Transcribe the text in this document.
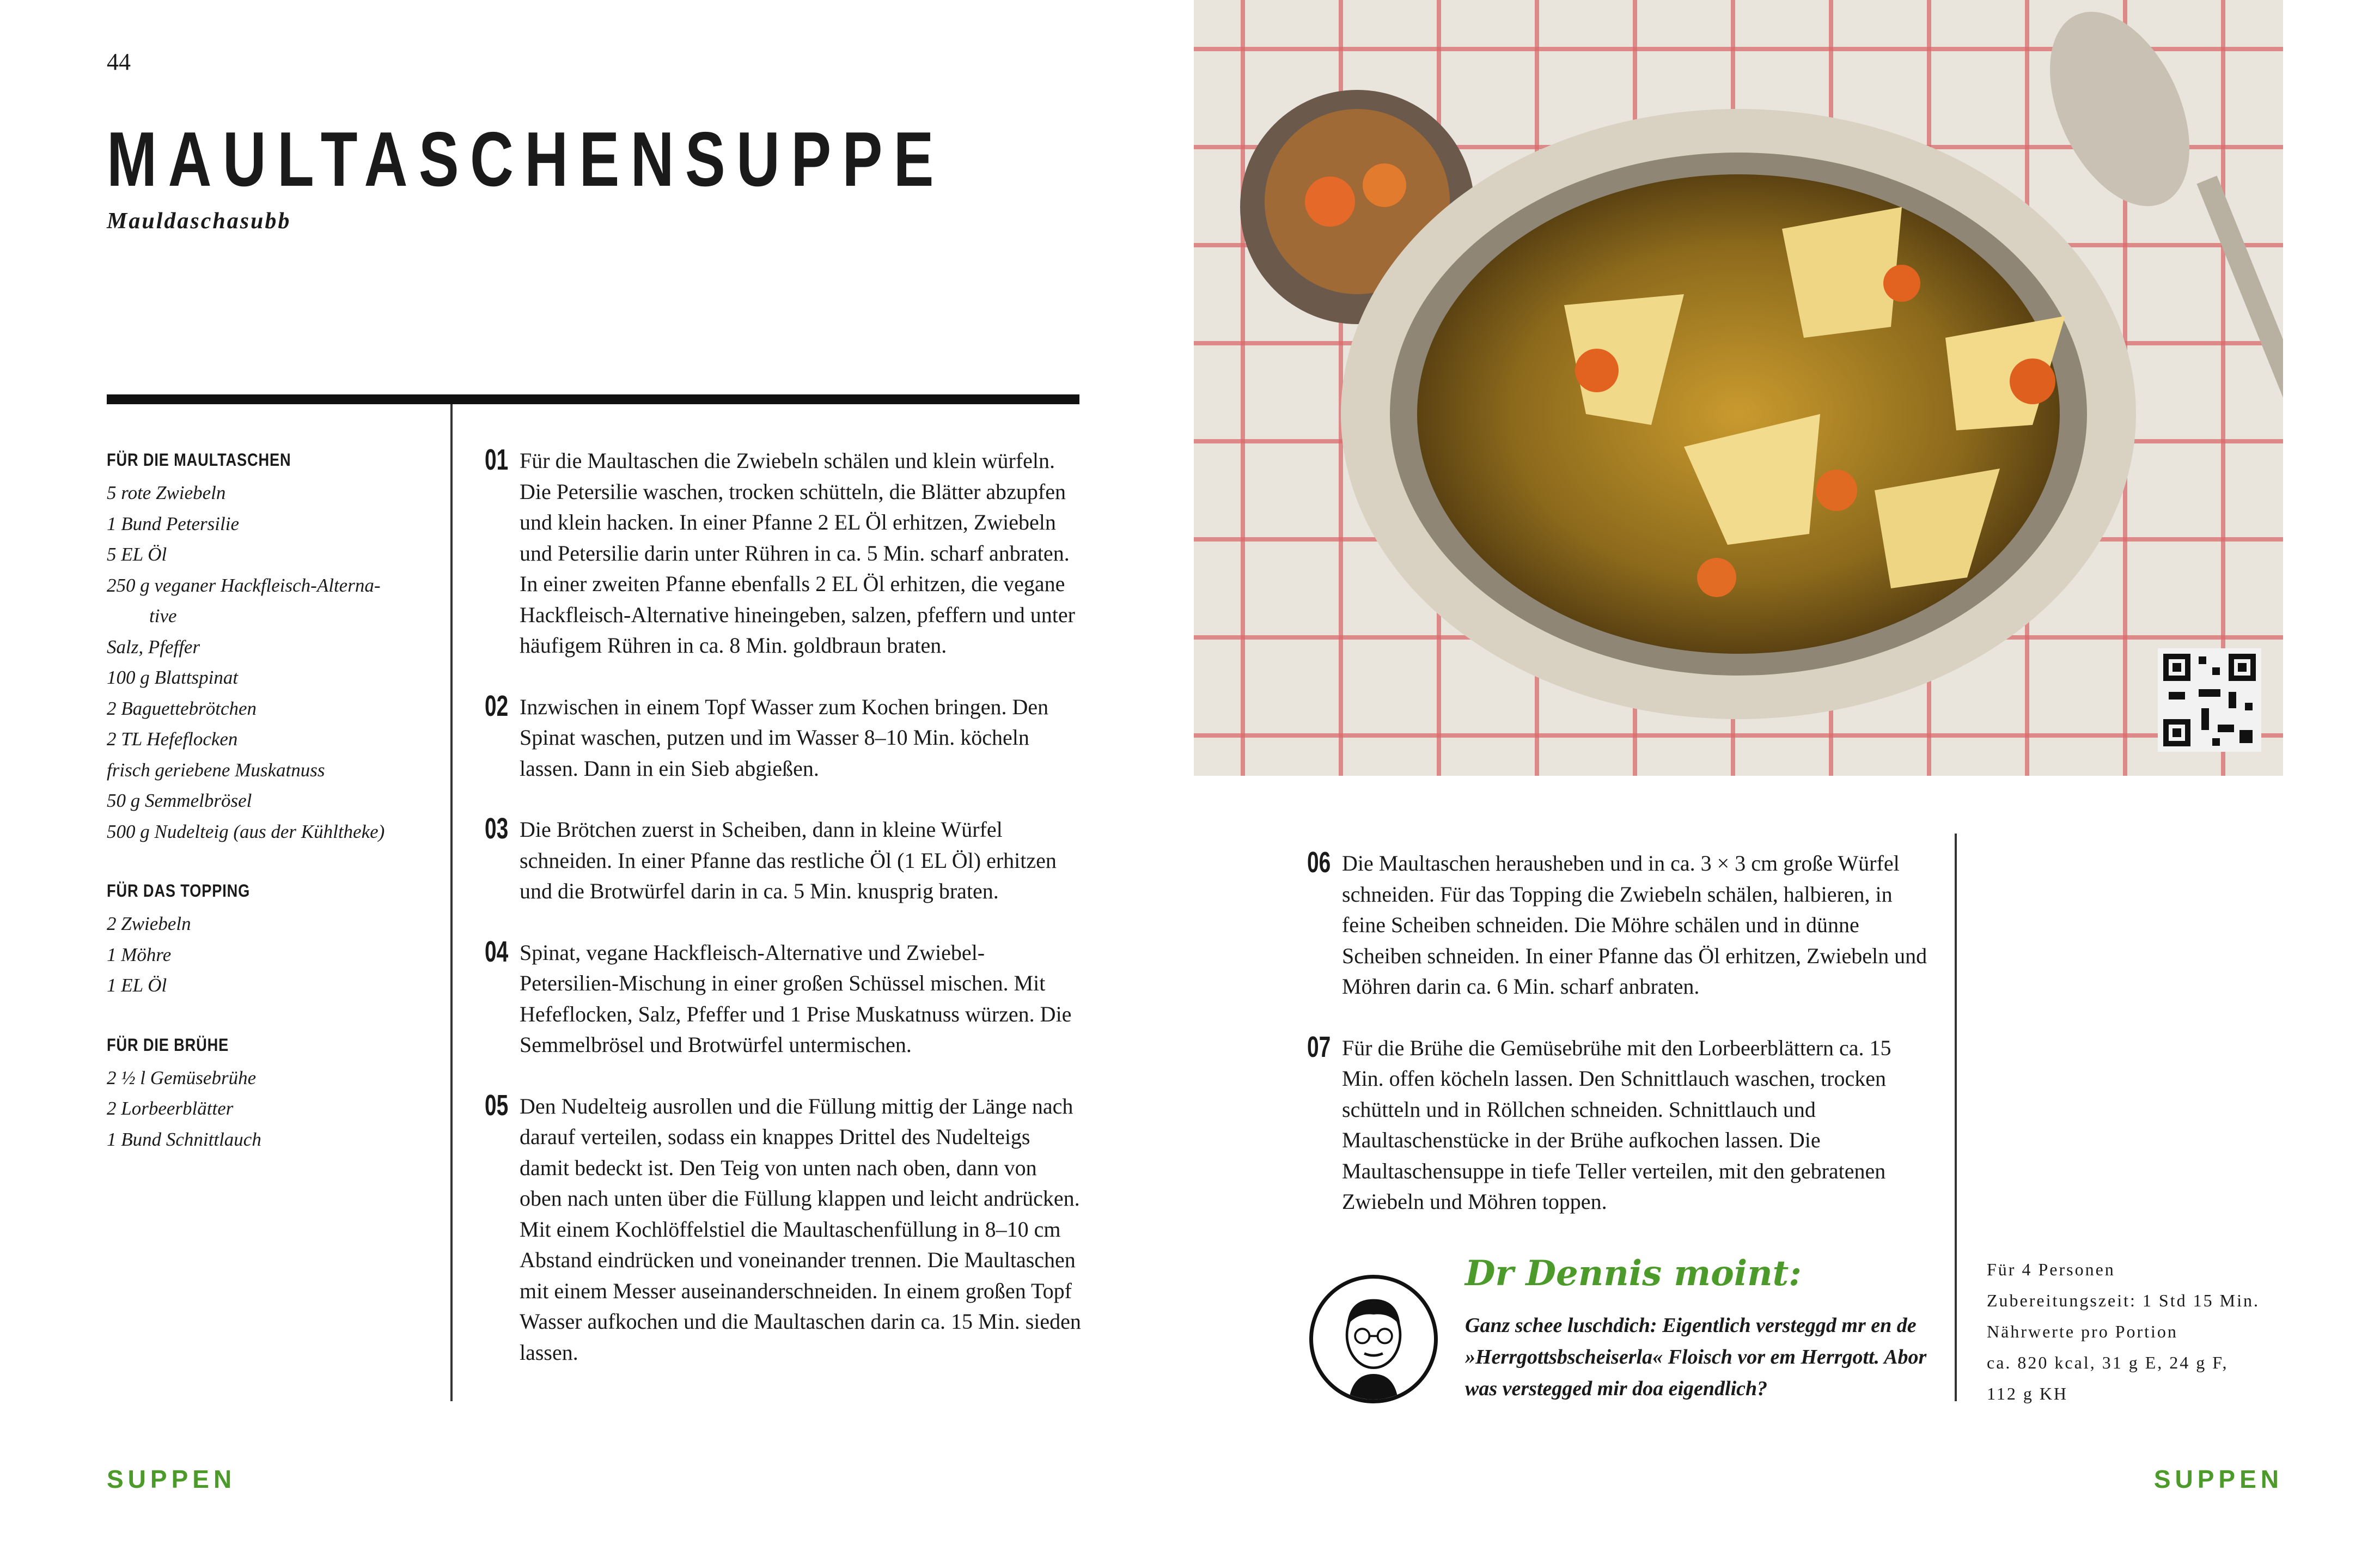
44
MAULTASCHENSUPPE
Mauldaschasubb
FÜR DIE MAULTASCHEN
5 rote Zwiebeln
1 Bund Petersilie
5 EL Öl
250 g veganer Hackfleisch-Alterna-
tive
Salz, Pfeffer
100 g Blattspinat
2 Baguettebrötchen
2 TL Hefeflocken
frisch geriebene Muskatnuss
50 g Semmelbrösel
500 g Nudelteig (aus der Kühltheke)
FÜR DAS TOPPING
2 Zwiebeln
1 Möhre
1 EL Öl
FÜR DIE BRÜHE
2 ½ l Gemüsebrühe
2 Lorbeerblätter
1 Bund Schnittlauch
01 Für die Maultaschen die Zwiebeln schälen und klein würfeln. Die Petersilie waschen, trocken schütteln, die Blätter abzupfen und klein hacken. In einer Pfanne 2 EL Öl erhitzen, Zwiebeln und Petersilie darin unter Rühren in ca. 5 Min. scharf anbraten. In einer zweiten Pfanne ebenfalls 2 EL Öl erhitzen, die vegane Hackfleisch-Alternative hineingeben, salzen, pfeffern und unter häufigem Rühren in ca. 8 Min. goldbraun braten.
02 Inzwischen in einem Topf Wasser zum Kochen bringen. Den Spinat waschen, putzen und im Wasser 8–10 Min. köcheln lassen. Dann in ein Sieb abgießen.
03 Die Brötchen zuerst in Scheiben, dann in kleine Würfel schneiden. In einer Pfanne das restliche Öl (1 EL Öl) erhitzen und die Brotwürfel darin in ca. 5 Min. knusprig braten.
04 Spinat, vegane Hackfleisch-Alternative und Zwiebel-Petersilien-Mischung in einer großen Schüssel mischen. Mit Hefeflocken, Salz, Pfeffer und 1 Prise Muskatnuss würzen. Die Semmelbrösel und Brotwürfel untermischen.
05 Den Nudelteig ausrollen und die Füllung mittig der Länge nach darauf verteilen, sodass ein knappes Drittel des Nudelteigs damit bedeckt ist. Den Teig von unten nach oben, dann von oben nach unten über die Füllung klappen und leicht andrücken. Mit einem Kochlöffelstiel die Maultaschenfüllung in 8–10 cm Abstand eindrücken und voneinander trennen. Die Maultaschen mit einem Messer auseinanderschneiden. In einem großen Topf Wasser aufkochen und die Maultaschen darin ca. 15 Min. sieden lassen.
06 Die Maultaschen herausheben und in ca. 3 × 3 cm große Würfel schneiden. Für das Topping die Zwiebeln schälen, halbieren, in feine Scheiben schneiden. Die Möhre schälen und in dünne Scheiben schneiden. In einer Pfanne das Öl erhitzen, Zwiebeln und Möhren darin ca. 6 Min. scharf anbraten.
07 Für die Brühe die Gemüsebrühe mit den Lorbeerblättern ca. 15 Min. offen köcheln lassen. Den Schnittlauch waschen, trocken schütteln und in Röllchen schneiden. Schnittlauch und Maultaschenstücke in der Brühe aufkochen lassen. Die Maultaschensuppe in tiefe Teller verteilen, mit den gebratenen Zwiebeln und Möhren toppen.
Dr Dennis moint:
Ganz schee luschdich: Eigentlich versteggd mr en de »Herrgottsbscheiserla« Floisch vor em Herrgott. Abor was verstegged mir doa eigendlich?
Für 4 Personen
Zubereitungszeit: 1 Std 15 Min.
Nährwerte pro Portion
ca. 820 kcal, 31 g E, 24 g F,
112 g KH
SUPPEN	SUPPEN
